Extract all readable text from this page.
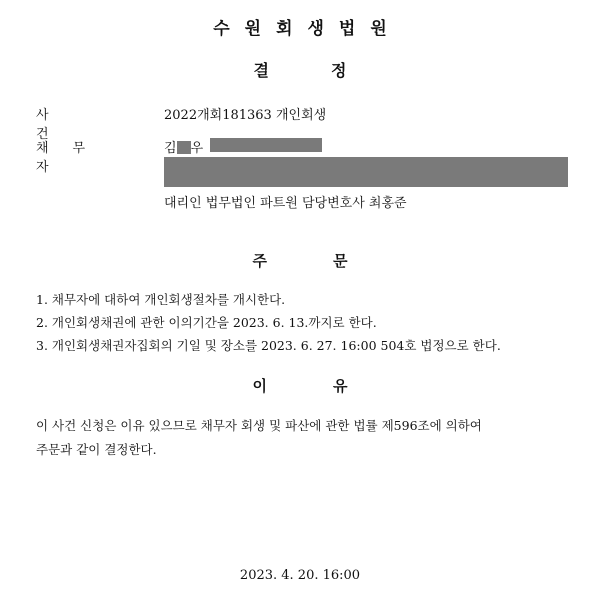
수원회생법원
결정
사건
2022개회181363 개인회생
채무자
김 우
대리인 법무법인 파트원 담당변호사 최홍준
주문
1. 채무자에 대하여 개인회생절차를 개시한다.
2. 개인회생채권에 관한 이의기간을 2023. 6. 13.까지로 한다.
3. 개인회생채권자집회의 기일 및 장소를 2023. 6. 27. 16:00 504호 법정으로 한다.
이유
이 사건 신청은 이유 있으므로 채무자 회생 및 파산에 관한 법률 제596조에 의하여
주문과 같이 결정한다.
2023. 4. 20. 16:00
